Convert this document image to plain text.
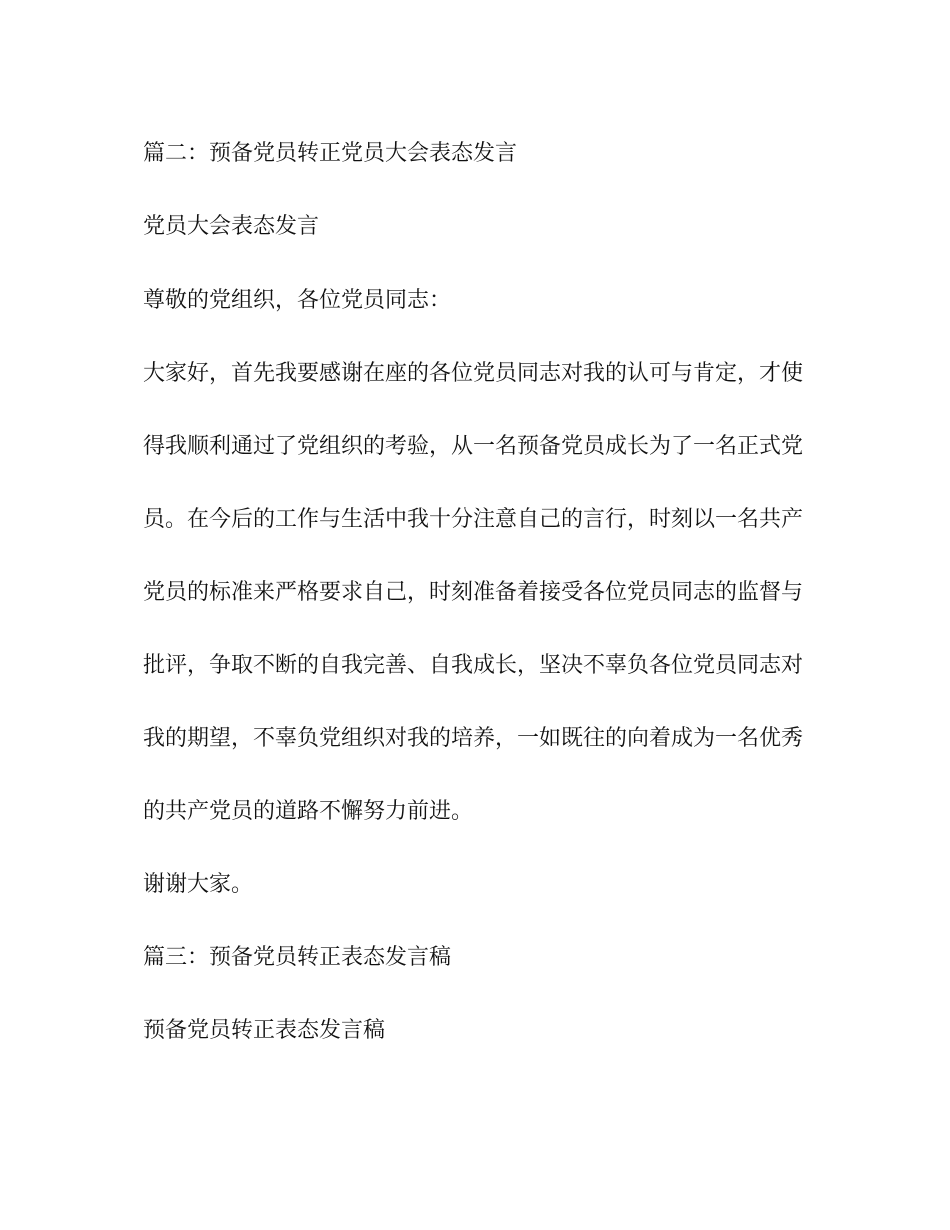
篇二：预备党员转正党员大会表态发言

党员大会表态发言

尊敬的党组织，各位党员同志：

大家好，首先我要感谢在座的各位党员同志对我的认可与肯定，才使

得我顺利通过了党组织的考验，从一名预备党员成长为了一名正式党

员。在今后的工作与生活中我十分注意自己的言行，时刻以一名共产

党员的标准来严格要求自己，时刻准备着接受各位党员同志的监督与

批评，争取不断的自我完善、自我成长，坚决不辜负各位党员同志对

我的期望，不辜负党组织对我的培养，一如既往的向着成为一名优秀

的共产党员的道路不懈努力前进。

谢谢大家。

篇三：预备党员转正表态发言稿

预备党员转正表态发言稿
